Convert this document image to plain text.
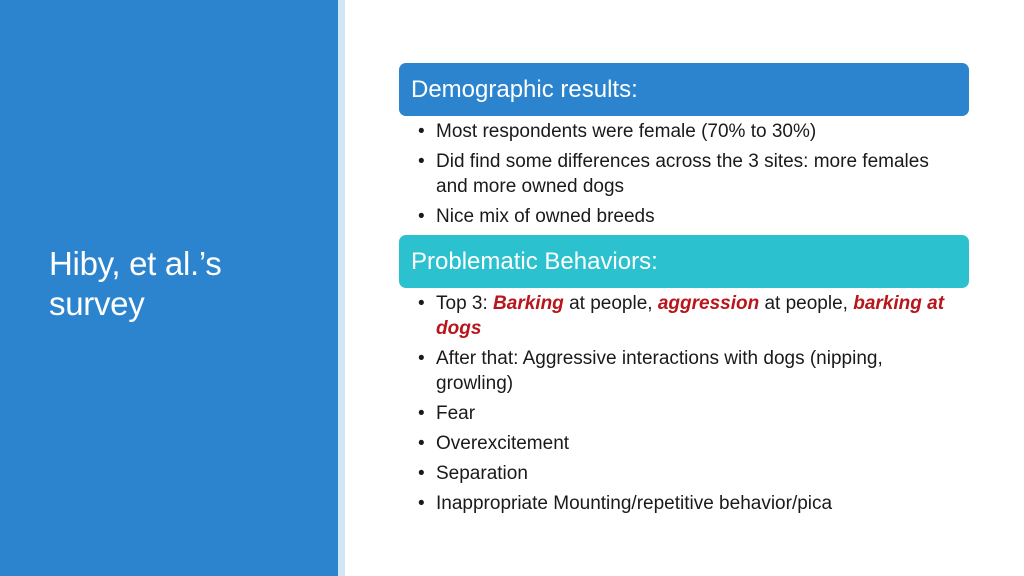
Hiby, et al.’s survey
Demographic results:
• Most respondents were female (70% to 30%)
• Did find some differences across the 3 sites: more females and more owned dogs
• Nice mix of owned breeds
Problematic Behaviors:
• Top 3: Barking at people, aggression at people, barking at dogs
• After that: Aggressive interactions with dogs (nipping, growling)
• Fear
• Overexcitement
• Separation
• Inappropriate Mounting/repetitive behavior/pica
